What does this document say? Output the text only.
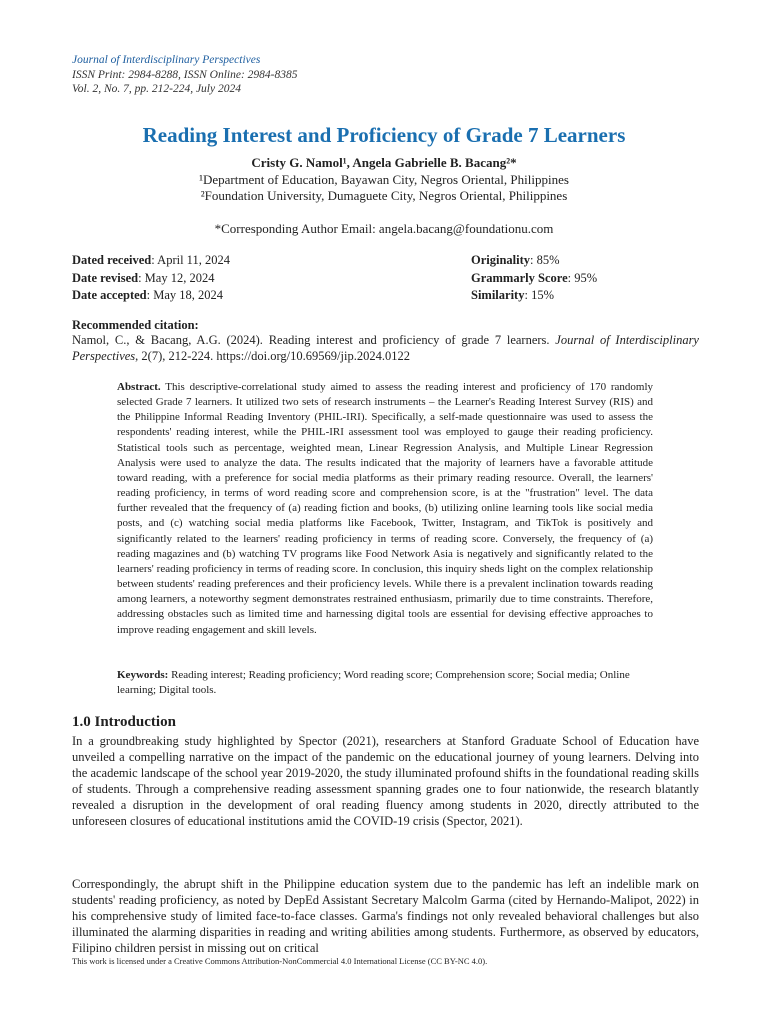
Journal of Interdisciplinary Perspectives
ISSN Print: 2984-8288, ISSN Online: 2984-8385
Vol. 2, No. 7, pp. 212-224, July 2024
Reading Interest and Proficiency of Grade 7 Learners
Cristy G. Namol¹, Angela Gabrielle B. Bacang²*
¹Department of Education, Bayawan City, Negros Oriental, Philippines
²Foundation University, Dumaguete City, Negros Oriental, Philippines
*Corresponding Author Email: angela.bacang@foundationu.com
Dated received: April 11, 2024
Date revised: May 12, 2024
Date accepted: May 18, 2024
Originality: 85%
Grammarly Score: 95%
Similarity: 15%
Recommended citation:
Namol, C., & Bacang, A.G. (2024). Reading interest and proficiency of grade 7 learners. Journal of Interdisciplinary Perspectives, 2(7), 212-224. https://doi.org/10.69569/jip.2024.0122
Abstract. This descriptive-correlational study aimed to assess the reading interest and proficiency of 170 randomly selected Grade 7 learners. It utilized two sets of research instruments – the Learner's Reading Interest Survey (RIS) and the Philippine Informal Reading Inventory (PHIL-IRI). Specifically, a self-made questionnaire was used to assess the respondents' reading interest, while the PHIL-IRI assessment tool was employed to gauge their reading proficiency. Statistical tools such as percentage, weighted mean, Linear Regression Analysis, and Multiple Linear Regression Analysis were used to analyze the data. The results indicated that the majority of learners have a favorable attitude toward reading, with a preference for social media platforms as their primary reading resource. Overall, the learners' reading proficiency, in terms of word reading score and comprehension score, is at the "frustration" level. The data further revealed that the frequency of (a) reading fiction and books, (b) utilizing online learning tools like social media posts, and (c) watching social media platforms like Facebook, Twitter, Instagram, and TikTok is positively and significantly related to the learners' reading proficiency in terms of reading score. Conversely, the frequency of (a) reading magazines and (b) watching TV programs like Food Network Asia is negatively and significantly related to the learners' reading proficiency in terms of reading score. In conclusion, this inquiry sheds light on the complex relationship between students' reading preferences and their proficiency levels. While there is a prevalent inclination towards reading among learners, a noteworthy segment demonstrates restrained enthusiasm, primarily due to time constraints. Therefore, addressing obstacles such as limited time and harnessing digital tools are essential for devising effective approaches to improve reading engagement and skill levels.
Keywords: Reading interest; Reading proficiency; Word reading score; Comprehension score; Social media; Online learning; Digital tools.
1.0 Introduction
In a groundbreaking study highlighted by Spector (2021), researchers at Stanford Graduate School of Education have unveiled a compelling narrative on the impact of the pandemic on the educational journey of young learners. Delving into the academic landscape of the school year 2019-2020, the study illuminated profound shifts in the foundational reading skills of students. Through a comprehensive reading assessment spanning grades one to four nationwide, the research blatantly revealed a disruption in the development of oral reading fluency among students in 2020, directly attributed to the unforeseen closures of educational institutions amid the COVID-19 crisis (Spector, 2021).
Correspondingly, the abrupt shift in the Philippine education system due to the pandemic has left an indelible mark on students' reading proficiency, as noted by DepEd Assistant Secretary Malcolm Garma (cited by Hernando-Malipot, 2022) in his comprehensive study of limited face-to-face classes. Garma's findings not only revealed behavioral challenges but also illuminated the alarming disparities in reading and writing abilities among students. Furthermore, as observed by educators, Filipino children persist in missing out on critical
This work is licensed under a Creative Commons Attribution-NonCommercial 4.0 International License (CC BY-NC 4.0).
